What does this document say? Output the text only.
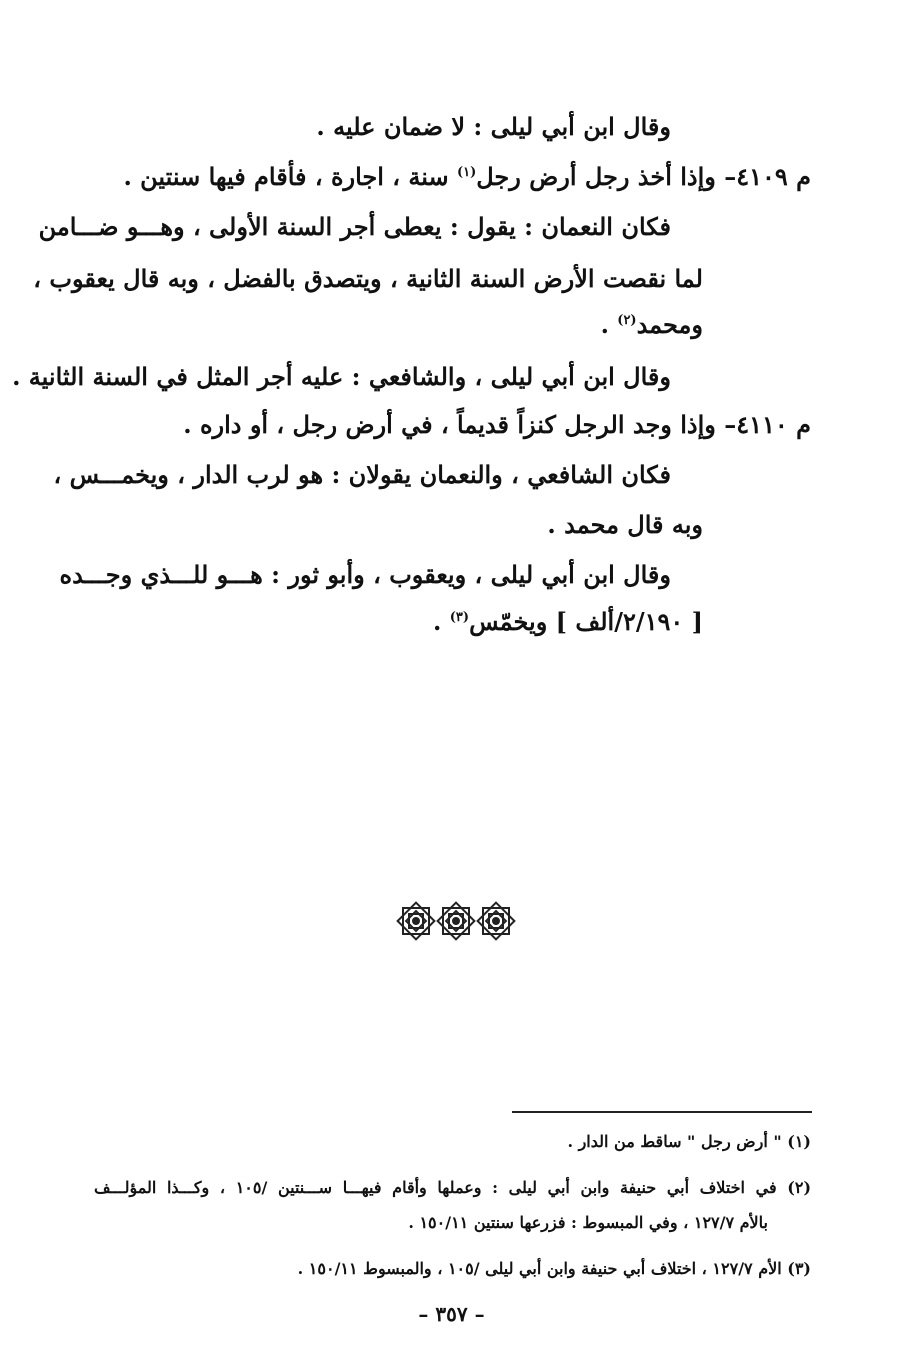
وقال ابن أبي ليلى : لا ضمان عليه .
م ٤١٠٩– وإذا أخذ رجل أرض رجل$^{(١)}$ سنة ، اجارة ، فأقام فيها سنتين .
فكان النعمان : يقول : يعطى أجر السنة الأولى ، وهـــو ضـــامن
لما نقصت الأرض السنة الثانية ، ويتصدق بالفضل ، وبه قال يعقوب ،
ومحمد$^{(٢)}$ .
وقال ابن أبي ليلى ، والشافعي : عليه أجر المثل في السنة الثانية .
م ٤١١٠– وإذا وجد الرجل كنزاً قديماً ، في أرض رجل ، أو داره .
فكان الشافعي ، والنعمان يقولان : هو لرب الدار ، ويخمـــس ،
وبه قال محمد .
وقال ابن أبي ليلى ، ويعقوب ، وأبو ثور : هـــو للـــذي وجـــده
[ ٢/١٩٠/ألف ] ويخمّس$^{(٣)}$ .
(١) " أرض رجل " ساقط من الدار .
(٢) في اختلاف أبي حنيفة وابن أبي ليلى : وعملها وأقام فيهـــا ســـنتين /١٠٥ ، وكـــذا المؤلـــف
بالأم ١٢٧/٧ ، وفي المبسوط : فزرعها سنتين ١٥٠/١١ .
(٣) الأم ١٢٧/٧ ، اختلاف أبي حنيفة وابن أبي ليلى /١٠٥ ، والمبسوط ١٥٠/١١ .
– ٣٥٧ –
